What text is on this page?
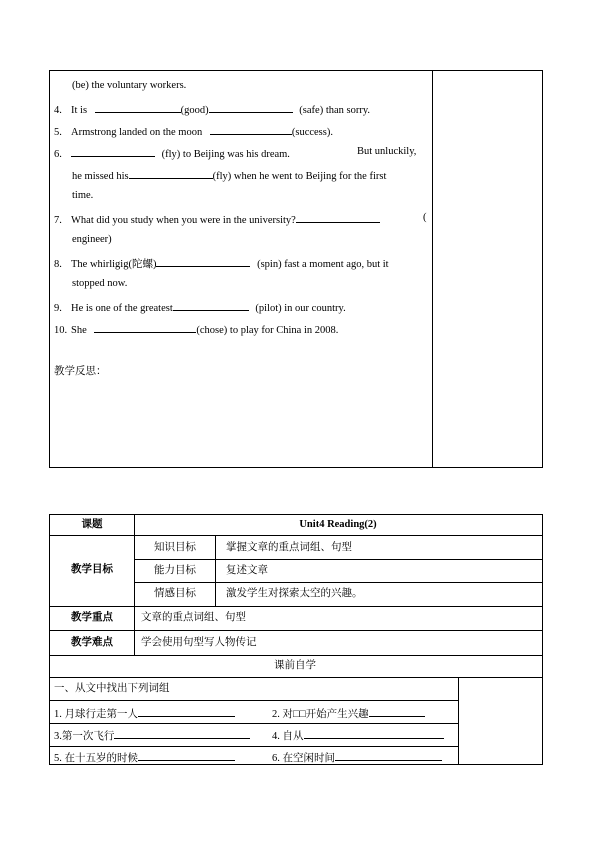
(be) the voluntary workers.
4. It is	(good)	(safe) than sorry.
5. Armstrong landed on the moon	(success).
6.	(fly) to Beijing was his dream.	But unluckily,
he missed his	(fly) when he went to Beijing for the first
time.
7. What did you study when you were in the university?	(
engineer)
8. The whirligig(陀螺)	(spin) fast a moment ago, but it
stopped now.
9. He is one of the greatest	(pilot) in our country.
10. She	(chose) to play for China in 2008.
教学反思：
课题	Unit4 Reading(2)
教学目标
知识目标	掌握文章的重点词组、句型
能力目标	复述文章
情感目标	激发学生对探索太空的兴趣。
教学重点	文章的重点词组、句型
教学难点	学会使用句型写人物传记
课前自学
一、从文中找出下列词组
1. 月球行走第一人	2. 对□□开始产生兴趣
3.第一次飞行	4. 自从
5. 在十五岁的时候	6. 在空闲时间
